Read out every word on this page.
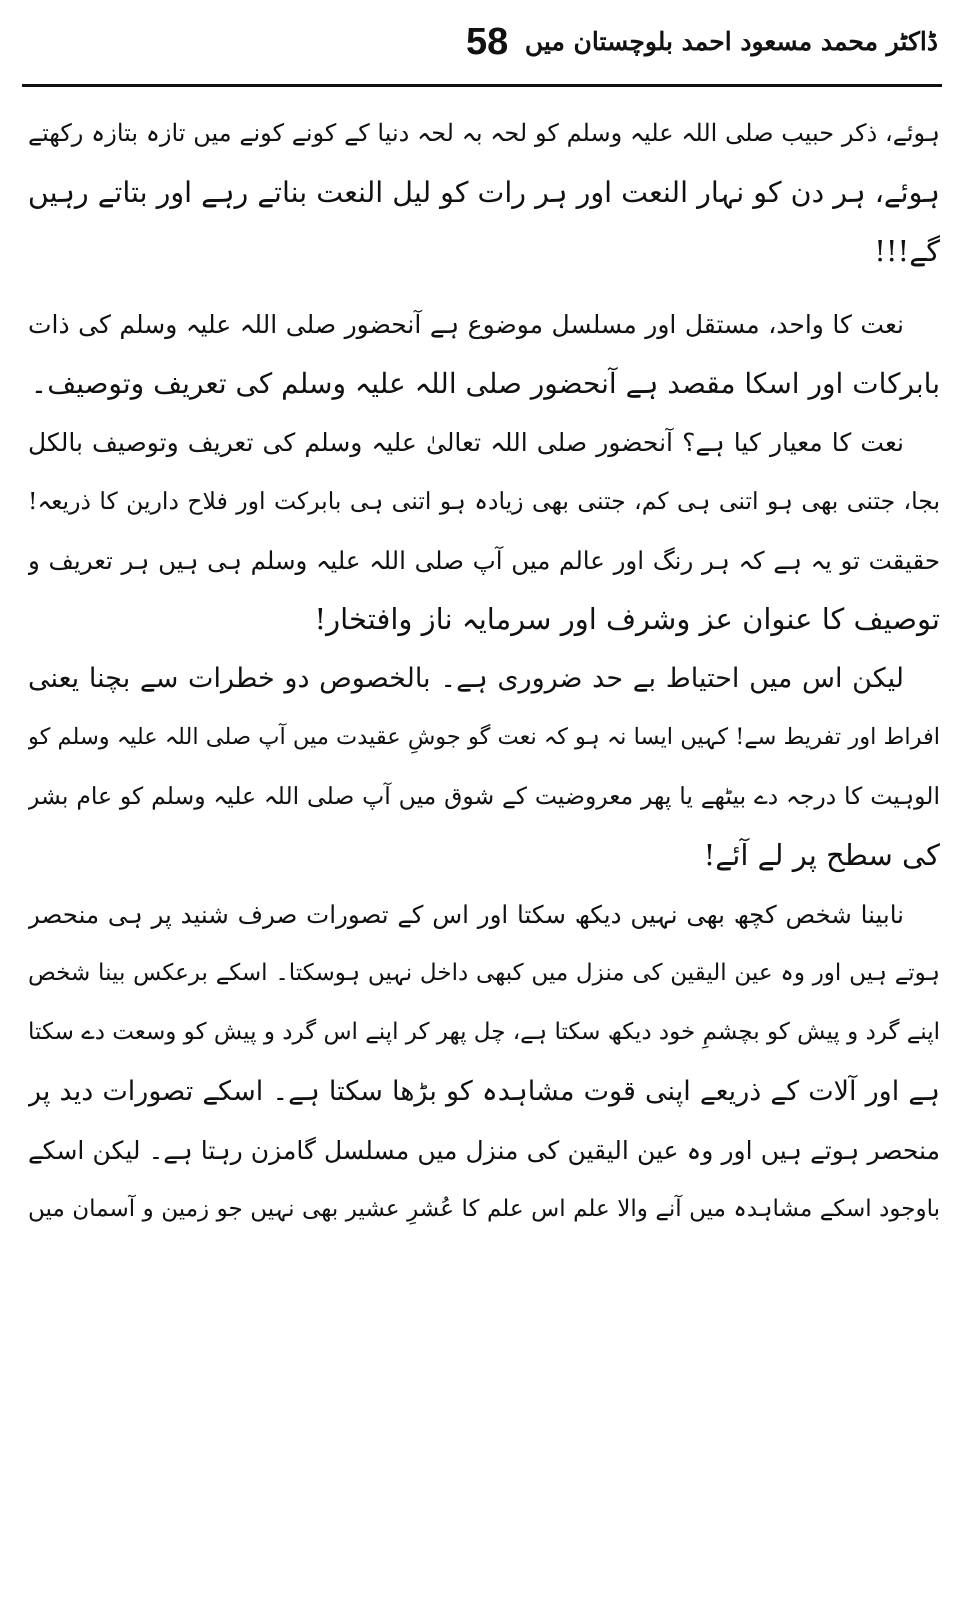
ڈاکٹر محمد مسعود احمد بلوچستان میں
58
ہوئے، ذکر حبیب صلی اللہ علیہ وسلم کو لحہ بہ لحہ دنیا کے کونے کونے میں تازہ بتازہ رکھتے
ہوئے، ہر دن کو نہار النعت اور ہر رات کو لیل النعت بناتے رہے اور بتاتے رہیں
گے!!!
نعت کا واحد، مستقل اور مسلسل موضوع ہے آنحضور صلی اللہ علیہ وسلم کی ذات
بابرکات اور اسکا مقصد ہے آنحضور صلی اللہ علیہ وسلم کی تعریف وتوصیف۔
نعت کا معیار کیا ہے؟ آنحضور صلی اللہ تعالیٰ علیہ وسلم کی تعریف وتوصیف بالکل
بجا، جتنی بھی ہو اتنی ہی کم، جتنی بھی زیادہ ہو اتنی ہی بابرکت اور فلاح دارین کا ذریعہ!
حقیقت تو یہ ہے کہ ہر رنگ اور عالم میں آپ صلی اللہ علیہ وسلم ہی ہیں ہر تعریف و
توصیف کا عنوان عز وشرف اور سرمایہ ناز وافتخار!
لیکن اس میں احتیاط بے حد ضروری ہے۔ بالخصوص دو خطرات سے بچنا یعنی
افراط اور تفریط سے! کہیں ایسا نہ ہو کہ نعت گو جوشِ عقیدت میں آپ صلی اللہ علیہ وسلم کو
الوہیت کا درجہ دے بیٹھے یا پھر معروضیت کے شوق میں آپ صلی اللہ علیہ وسلم کو عام بشر
کی سطح پر لے آئے!
نابینا شخص کچھ بھی نہیں دیکھ سکتا اور اس کے تصورات صرف شنید پر ہی منحصر
ہوتے ہیں اور وہ عین الیقین کی منزل میں کبھی داخل نہیں ہوسکتا۔ اسکے برعکس بینا شخص
اپنے گرد و پیش کو بچشمِ خود دیکھ سکتا ہے، چل پھر کر اپنے اس گرد و پیش کو وسعت دے سکتا
ہے اور آلات کے ذریعے اپنی قوت مشاہدہ کو بڑھا سکتا ہے۔ اسکے تصورات دید پر
منحصر ہوتے ہیں اور وہ عین الیقین کی منزل میں مسلسل گامزن رہتا ہے۔ لیکن اسکے
باوجود اسکے مشاہدہ میں آنے والا علم اس علم کا عُشرِ عشیر بھی نہیں جو زمین و آسمان میں
